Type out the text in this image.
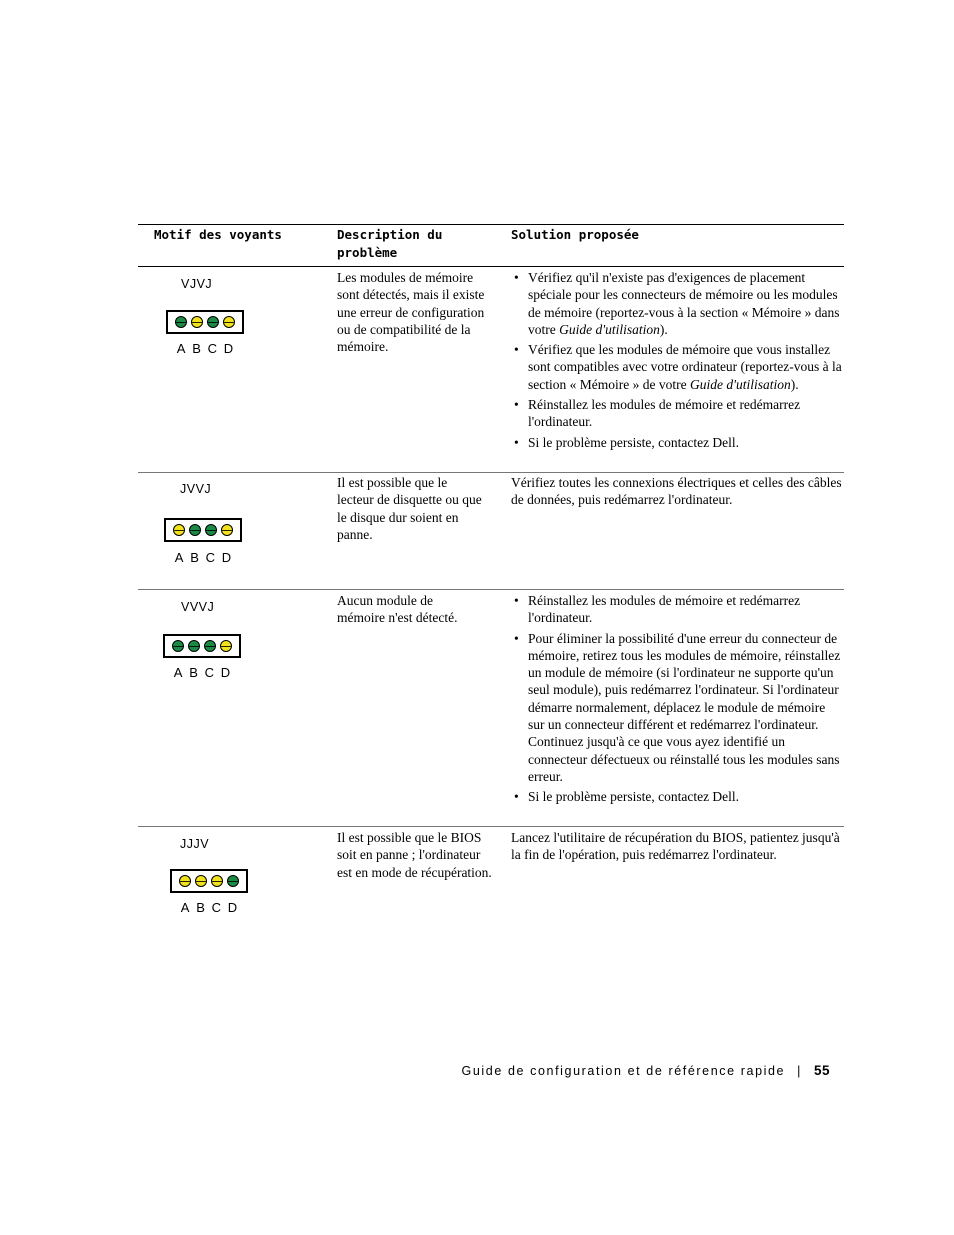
Motif des voyants	Description du problème
Solution proposée
VJVJ
A B C D
Les modules de mémoire sont détectés, mais il existe une erreur de configuration ou de compatibilité de la mémoire.
• Vérifiez qu'il n'existe pas d'exigences de placement spéciale pour les connecteurs de mémoire ou les modules de mémoire (reportez-vous à la section « Mémoire » dans votre Guide d'utilisation).
• Vérifiez que les modules de mémoire que vous installez sont compatibles avec votre ordinateur (reportez-vous à la section « Mémoire » de votre Guide d'utilisation).
• Réinstallez les modules de mémoire et redémarrez l'ordinateur.
• Si le problème persiste, contactez Dell.
JVVJ
A B C D
Il est possible que le lecteur de disquette ou que le disque dur soient en panne.
Vérifiez toutes les connexions électriques et celles des câbles de données, puis redémarrez l'ordinateur.
VVVJ
A B C D
Aucun module de mémoire n'est détecté.
• Réinstallez les modules de mémoire et redémarrez l'ordinateur.
• Pour éliminer la possibilité d'une erreur du connecteur de mémoire, retirez tous les modules de mémoire, réinstallez un module de mémoire (si l'ordinateur ne supporte qu'un seul module), puis redémarrez l'ordinateur. Si l'ordinateur démarre normalement, déplacez le module de mémoire sur un connecteur différent et redémarrez l'ordinateur. Continuez jusqu'à ce que vous ayez identifié un connecteur défectueux ou réinstallé tous les modules sans erreur.
• Si le problème persiste, contactez Dell.
JJJV
A B C D
Il est possible que le BIOS soit en panne ; l'ordinateur est en mode de récupération.
Lancez l'utilitaire de récupération du BIOS, patientez jusqu'à la fin de l'opération, puis redémarrez l'ordinateur.
Guide de configuration et de référence rapide | 55
